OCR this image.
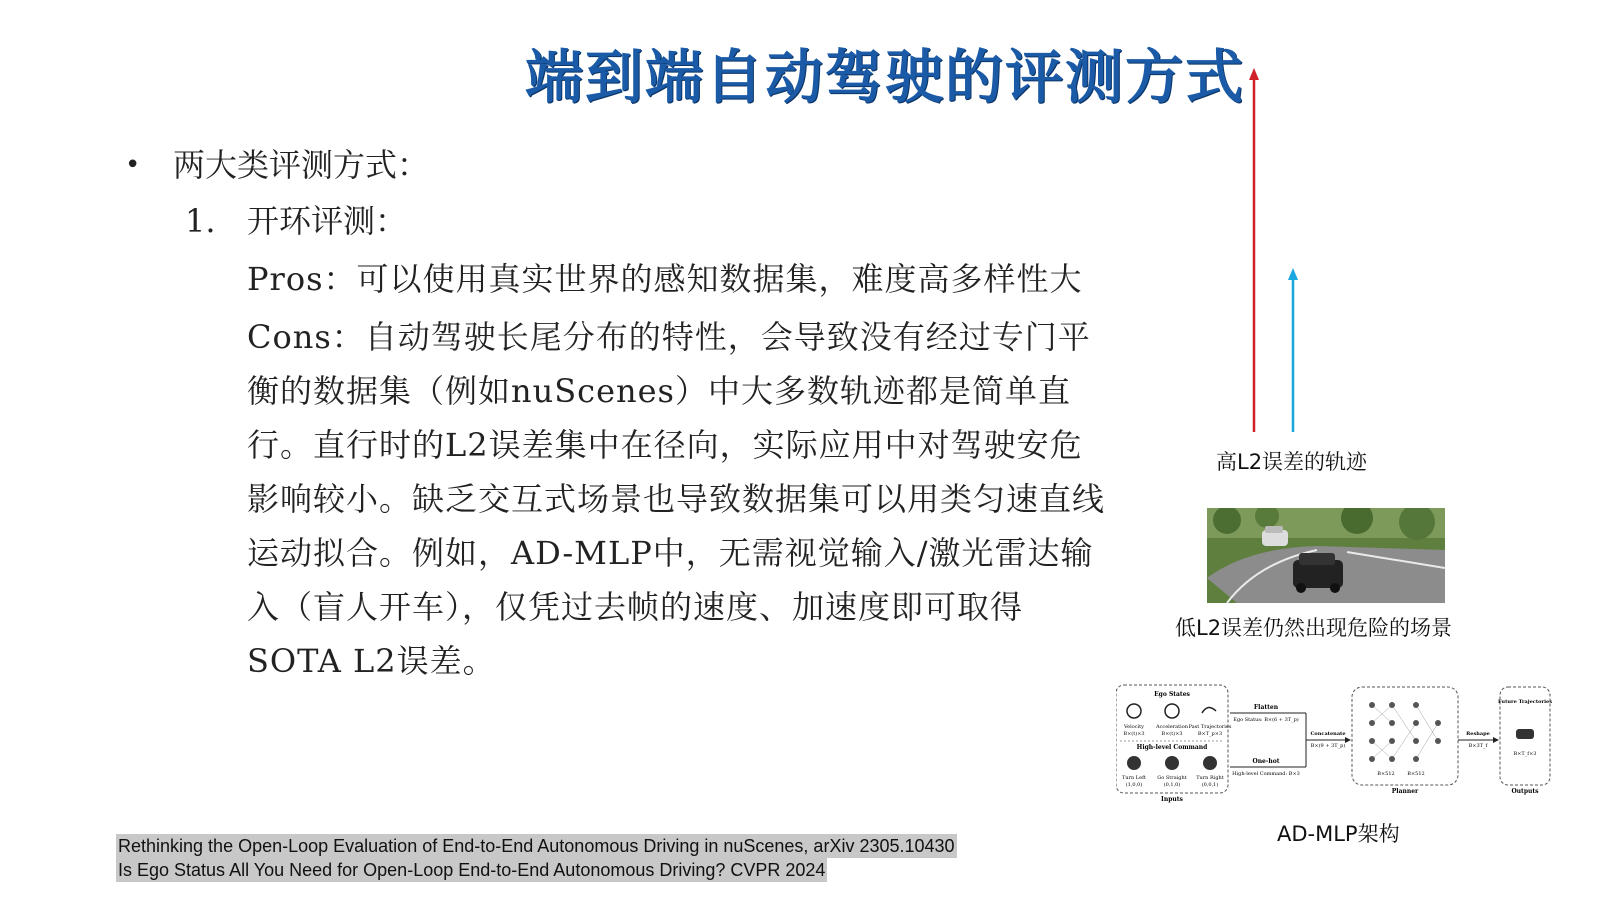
端到端自动驾驶的评测方式
•	两大类评测方式：
1. 开环评测：
Pros：可以使用真实世界的感知数据集，难度高多样性大
Cons：自动驾驶长尾分布的特性，会导致没有经过专门平衡的数据集（例如nuScenes）中大多数轨迹都是简单直行。直行时的L2误差集中在径向，实际应用中对驾驶安危影响较小。缺乏交互式场景也导致数据集可以用类匀速直线运动拟合。例如，AD-MLP中，无需视觉输入/激光雷达输入（盲人开车），仅凭过去帧的速度、加速度即可取得SOTA L2误差。
Rethinking the Open-Loop Evaluation of End-to-End Autonomous Driving in nuScenes, arXiv 2305.10430
Is Ego Status All You Need for Open-Loop End-to-End Autonomous Driving? CVPR 2024
高L2误差的轨迹
低L2误差仍然出现危险的场景
Ego States
Velocity Acceleration Past Trajectories
B×(t)×3	B×(t)×3	B×T_p×3
High-level Command
Turn Left Go Straight Turn Right
(1,0,0)	(0,1,0)	(0,0,1)
Inputs
Flatten
Ego Status: B×(6 + 3T_p)
One-hot
High-level Command: B×3
Concatenate
B×(9 + 3T_p)
B×512	B×512
Planner
Reshape
B×3T_f
Future Trajectories
B×T_f×3
Outputs
AD-MLP架构
